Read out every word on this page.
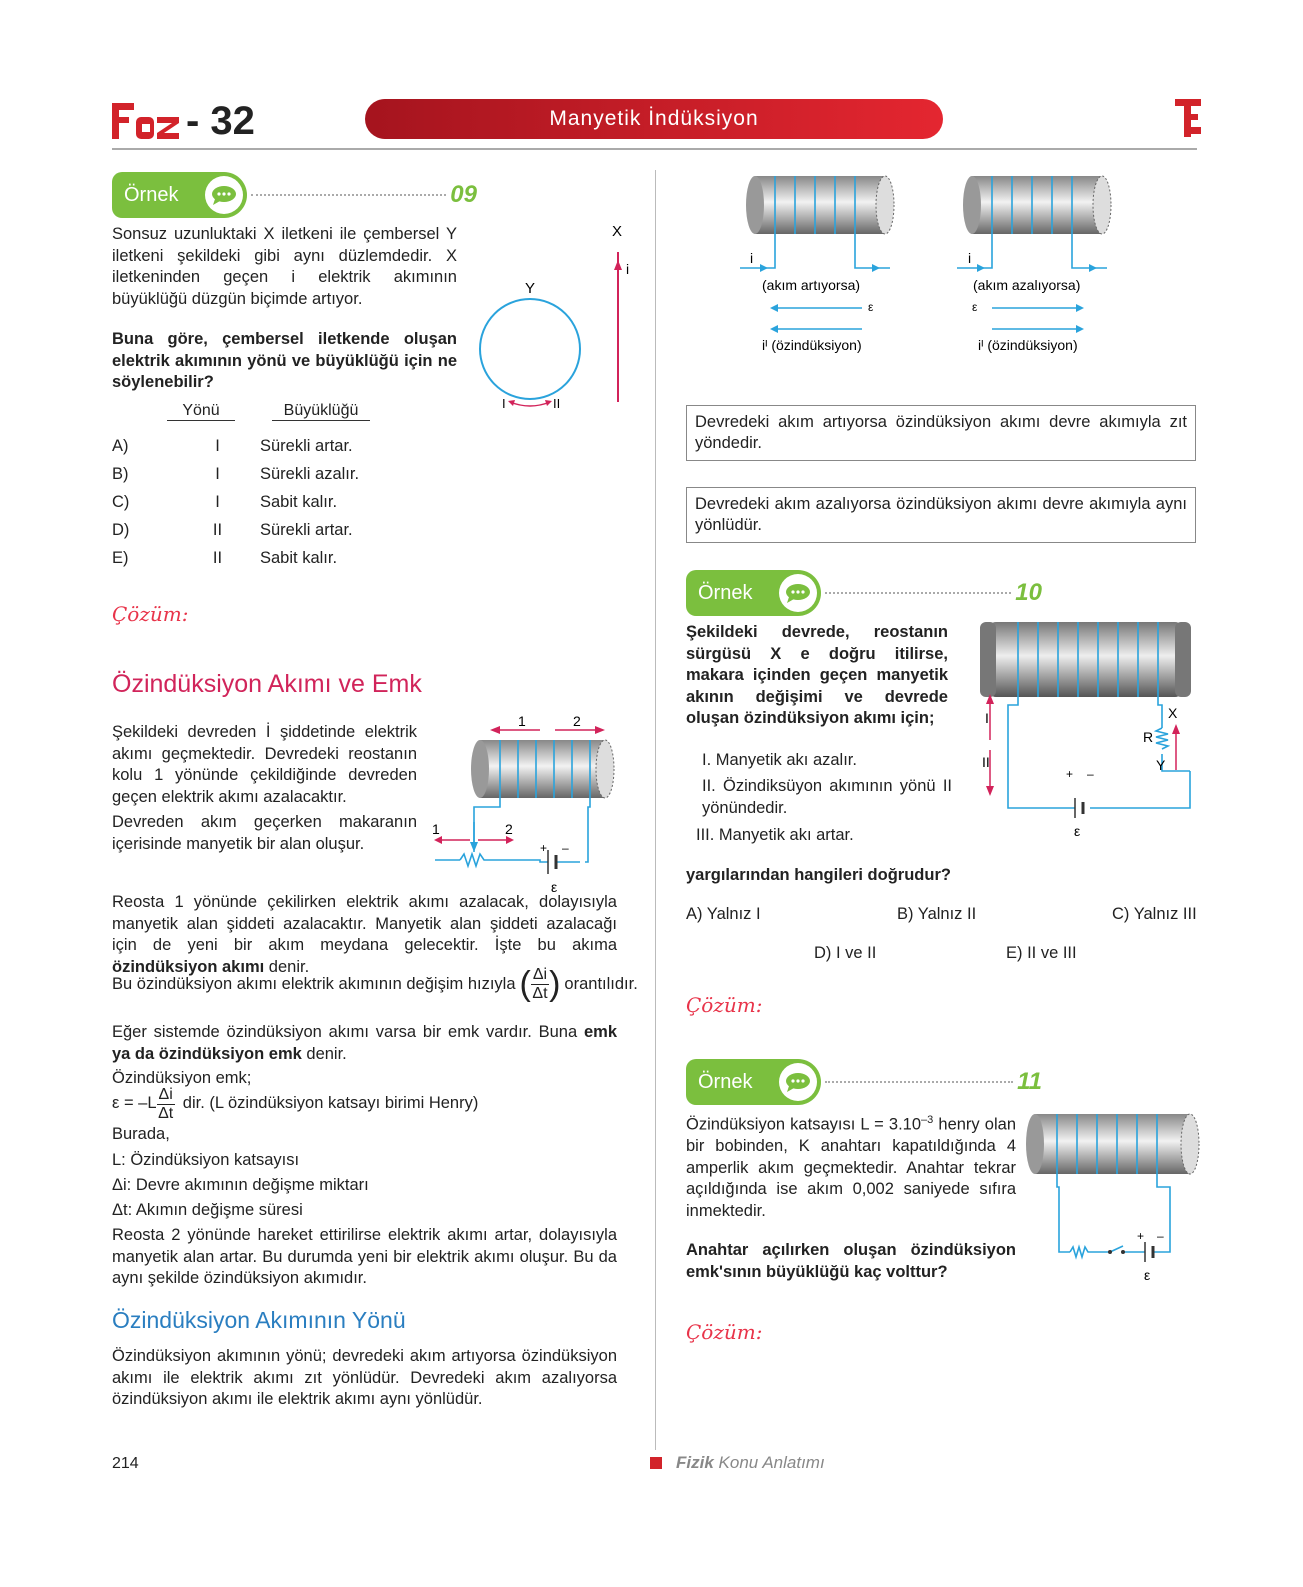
- 32	Manyetik İndüksiyon
Örnek	09
Sonsuz uzunluktaki X iletkeni ile çembersel Y iletkeni şekildeki gibi aynı düzlemdedir. X iletkeninden geçen i elektrik akımının büyüklüğü düzgün biçimde artıyor.
Buna göre, çembersel iletkende oluşan elektrik akımının yönü ve büyüklüğü için ne söylenebilir?
X
i
Y
I	II
Yönü	Büyüklüğü
A)	I	Sürekli artar.
B)	I	Sürekli azalır.
C)	I	Sabit kalır.
D)	II	Sürekli artar.
E)	II	Sabit kalır.
Çözüm:
Özindüksiyon Akımı ve Emk
Şekildeki devreden İ şiddetinde elektrik akımı geçmektedir. Devredeki reostanın kolu 1 yönünde çekildiğinde devreden geçen elektrik akımı azalacaktır.
Devreden akım geçerken makaranın içerisinde manyetik bir alan oluşur.
1	2
1	2
+ –
ε
Reosta 1 yönünde çekilirken elektrik akımı azalacak, dolayısıyla manyetik alan şiddeti azalacaktır. Manyetik alan şiddeti azalacağı için de yeni bir akım meydana gelecektir. İşte bu akıma özindüksiyon akımı denir.
Bu özindüksiyon akımı elektrik akımının değişim hızıyla ( Δi
Δt ) orantılıdır.
Eğer sistemde özindüksiyon akımı varsa bir emk vardır. Buna emk ya da özindüksiyon emk denir.
Özindüksiyon emk;
ε = –L
Δi
Δt
dir. (L özindüksiyon katsayı birimi Henry)
Burada,
L: Özindüksiyon katsayısı
Δi: Devre akımının değişme miktarı
Δt: Akımın değişme süresi
Reosta 2 yönünde hareket ettirilirse elektrik akımı artar, dolayısıyla manyetik alan artar. Bu durumda yeni bir elektrik akımı oluşur. Bu da aynı şekilde özindüksiyon akımıdır.
Özindüksiyon Akımının Yönü
Özindüksiyon akımının yönü; devredeki akım artıyorsa özindüksiyon akımı ile elektrik akımı zıt yönlüdür. Devredeki akım azalıyorsa özindüksiyon akımı ile elektrik akımı aynı yönlüdür.
i
(akım artıyorsa)
ε
iᴵ (özindüksiyon)
i
(akım azalıyorsa)
ε
iᴵ (özindüksiyon)
Devredeki akım artıyorsa özindüksiyon akımı devre akımıyla zıt yöndedir.
Devredeki akım azalıyorsa özindüksiyon akımı devre akımıyla aynı yönlüdür.
Örnek	10
Şekildeki devrede, reostanın sürgüsü X e doğru itilirse, makara içinden geçen manyetik akının değişimi ve devrede oluşan özindüksiyon akımı için;
I. Manyetik akı azalır.
II. Özindiksüyon akımının yönü II yönündedir.
III. Manyetik akı artar.
yargılarından hangileri doğrudur?
A) Yalnız I	B) Yalnız II	C) Yalnız III
D) I ve II	E) II ve III
I
II
R
X
Y
+ –
ε
Çözüm:
Örnek	11
Özindüksiyon katsayısı $L = 3.10^{-3}$ henry olan bir bobinden, K anahtarı kapatıldığında 4 amperlik akım geçmektedir. Anahtar tekrar açıldığında ise akım 0,002 saniyede sıfıra inmektedir.
Anahtar açılırken oluşan özindüksiyon emk'sının büyüklüğü kaç volttur?
+ –
ε
Çözüm:
214	Fizik
Konu Anlatımı
